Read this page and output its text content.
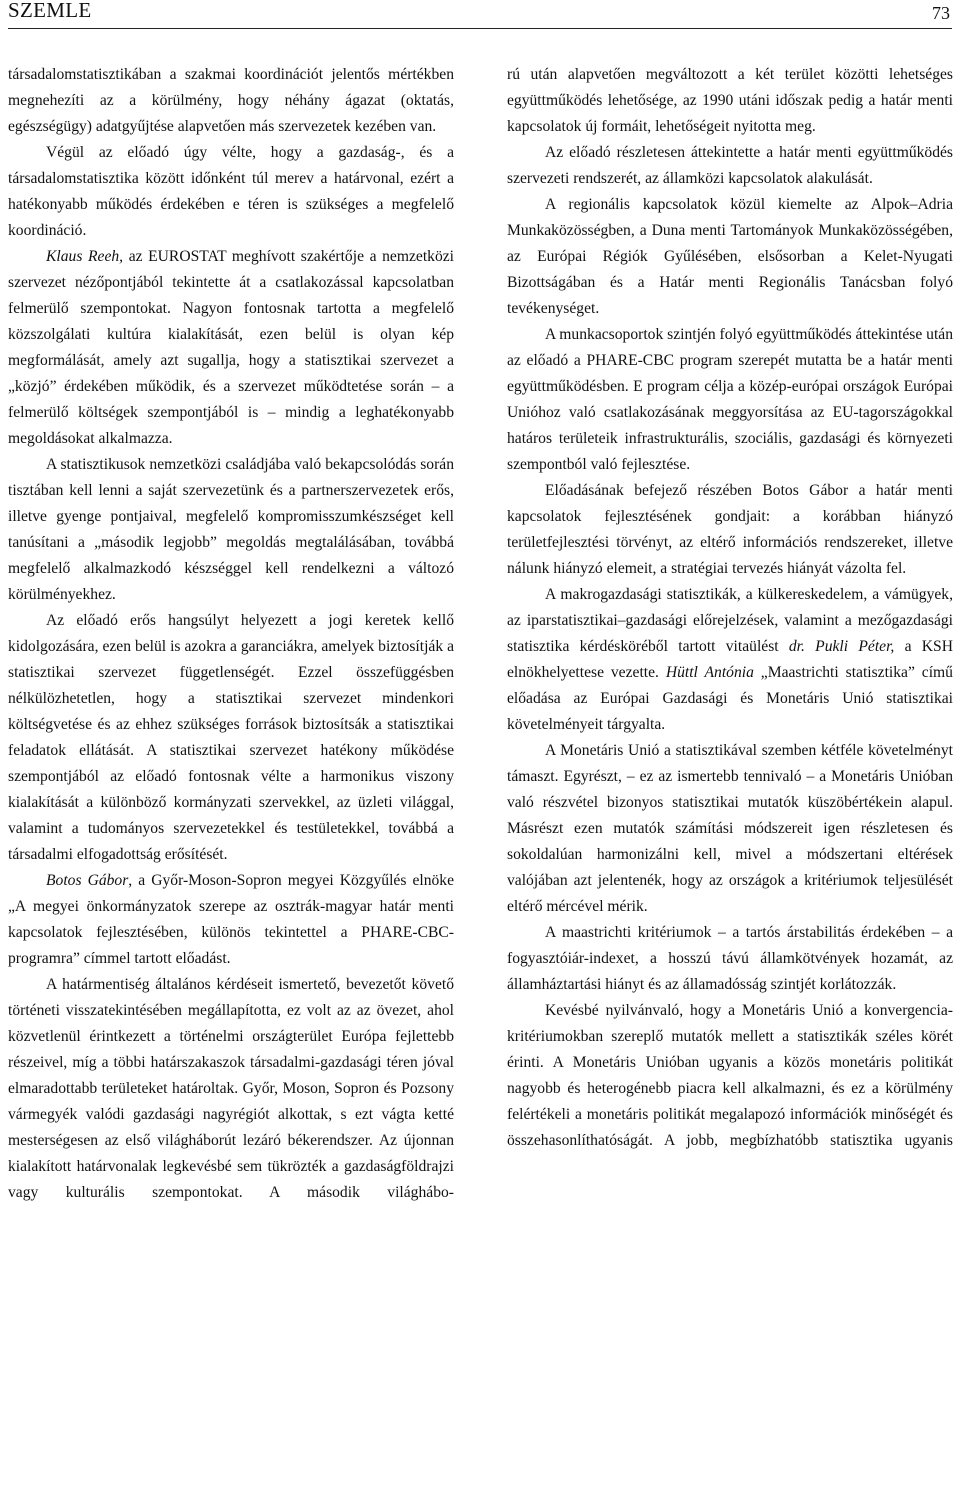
SZEMLE	73

társadalomstatisztikában a szakmai koordinációt jelentős mértékben megnehezíti az a körülmény, hogy néhány ágazat (oktatás, egészségügy) adatgyűjtése alapvetően más szervezetek kezében van.

Végül az előadó úgy vélte, hogy a gazdaság-, és a társadalomstatisztika között időnként túl merev a határvonal, ezért a hatékonyabb működés érdekében e téren is szükséges a megfelelő koordináció.

Klaus Reeh, az EUROSTAT meghívott szakértője a nemzetközi szervezet nézőpontjából tekintette át a csatlakozással kapcsolatban felmerülő szempontokat. Nagyon fontosnak tartotta a megfelelő közszolgálati kultúra kialakítását, ezen belül is olyan kép megformálását, amely azt sugallja, hogy a statisztikai szervezet a „közjó” érdekében működik, és a szervezet működtetése során – a felmerülő költségek szempontjából is – mindig a leghatékonyabb megoldásokat alkalmazza.

A statisztikusok nemzetközi családjába való bekapcsolódás során tisztában kell lenni a saját szervezetünk és a partnerszervezetek erős, illetve gyenge pontjaival, megfelelő kompromisszumkészséget kell tanúsítani a „második legjobb” megoldás megtalálásában, továbbá megfelelő alkalmazkodó készséggel kell rendelkezni a változó körülményekhez.

Az előadó erős hangsúlyt helyezett a jogi keretek kellő kidolgozására, ezen belül is azokra a garanciákra, amelyek biztosítják a statisztikai szervezet függetlenségét. Ezzel összefüggésben nélkülözhetetlen, hogy a statisztikai szervezet mindenkori költségvetése és az ehhez szükséges források biztosítsák a statisztikai feladatok ellátását. A statisztikai szervezet hatékony működése szempontjából az előadó fontosnak vélte a harmonikus viszony kialakítását a különböző kormányzati szervekkel, az üzleti világgal, valamint a tudományos szervezetekkel és testületekkel, továbbá a társadalmi elfogadottság erősítését.

Botos Gábor, a Győr-Moson-Sopron megyei Közgyűlés elnöke „A megyei önkormányzatok szerepe az osztrák-magyar határ menti kapcsolatok fejlesztésében, különös tekintettel a PHARE-CBC-programra” címmel tartott előadást.

A határmentiség általános kérdéseit ismertető, bevezetőt követő történeti visszatekintésében megállapította, ez volt az az övezet, ahol közvetlenül érintkezett a történelmi országterület Európa fejlettebb részeivel, míg a többi határszakaszok társadalmi-gazdasági téren jóval elmaradottabb területeket határoltak. Győr, Moson, Sopron és Pozsony vármegyék valódi gazdasági nagyrégiót alkottak, s ezt vágta ketté mesterségesen az első világháborút lezáró békerendszer. Az újonnan kialakított határvonalak legkevésbé sem tükrözték a gazdaságföldrajzi vagy kulturális szempontokat. A második világhábo-

rú után alapvetően megváltozott a két terület közötti lehetséges együttműködés lehetősége, az 1990 utáni időszak pedig a határ menti kapcsolatok új formáit, lehetőségeit nyitotta meg.

Az előadó részletesen áttekintette a határ menti együttműködés szervezeti rendszerét, az államközi kapcsolatok alakulását.

A regionális kapcsolatok közül kiemelte az Alpok–Adria Munkaközösségben, a Duna menti Tartományok Munkaközösségében, az Európai Régiók Gyűlésében, elsősorban a Kelet-Nyugati Bizottságában és a Határ menti Regionális Tanácsban folyó tevékenységet.

A munkacsoportok szintjén folyó együttműködés áttekintése után az előadó a PHARE-CBC program szerepét mutatta be a határ menti együttműködésben. E program célja a közép-európai országok Európai Unióhoz való csatlakozásának meggyorsítása az EU-tagországokkal határos területeik infrastrukturális, szociális, gazdasági és környezeti szempontból való fejlesztése.

Előadásának befejező részében Botos Gábor a határ menti kapcsolatok fejlesztésének gondjait: a korábban hiányzó területfejlesztési törvényt, az eltérő információs rendszereket, illetve nálunk hiányzó elemeit, a stratégiai tervezés hiányát vázolta fel.

A makrogazdasági statisztikák, a külkereskedelem, a vámügyek, az iparstatisztikai–gazdasági előrejelzések, valamint a mezőgazdasági statisztika kérdésköréből tartott vitaülést dr. Pukli Péter, a KSH elnökhelyettese vezette. Hüttl Antónia „Maastrichti statisztika” című előadása az Európai Gazdasági és Monetáris Unió statisztikai követelményeit tárgyalta.

A Monetáris Unió a statisztikával szemben kétféle követelményt támaszt. Egyrészt, – ez az ismertebb tennivaló – a Monetáris Unióban való részvétel bizonyos statisztikai mutatók küszöbértékein alapul. Másrészt ezen mutatók számítási módszereit igen részletesen és sokoldalúan harmonizálni kell, mivel a módszertani eltérések valójában azt jelentenék, hogy az országok a kritériumok teljesülését eltérő mércével mérik.

A maastrichti kritériumok – a tartós árstabilitás érdekében – a fogyasztóiár-indexet, a hosszú távú államkötvények hozamát, az államháztartási hiányt és az államadósság szintjét korlátozzák.

Kevésbé nyilvánvaló, hogy a Monetáris Unió a konvergencia-kritériumokban szereplő mutatók mellett a statisztikák széles körét érinti. A Monetáris Unióban ugyanis a közös monetáris politikát nagyobb és heterogénebb piacra kell alkalmazni, és ez a körülmény felértékeli a monetáris politikát megalapozó információk minőségét és összehasonlíthatóságát. A jobb, megbízhatóbb statisztika ugyanis
